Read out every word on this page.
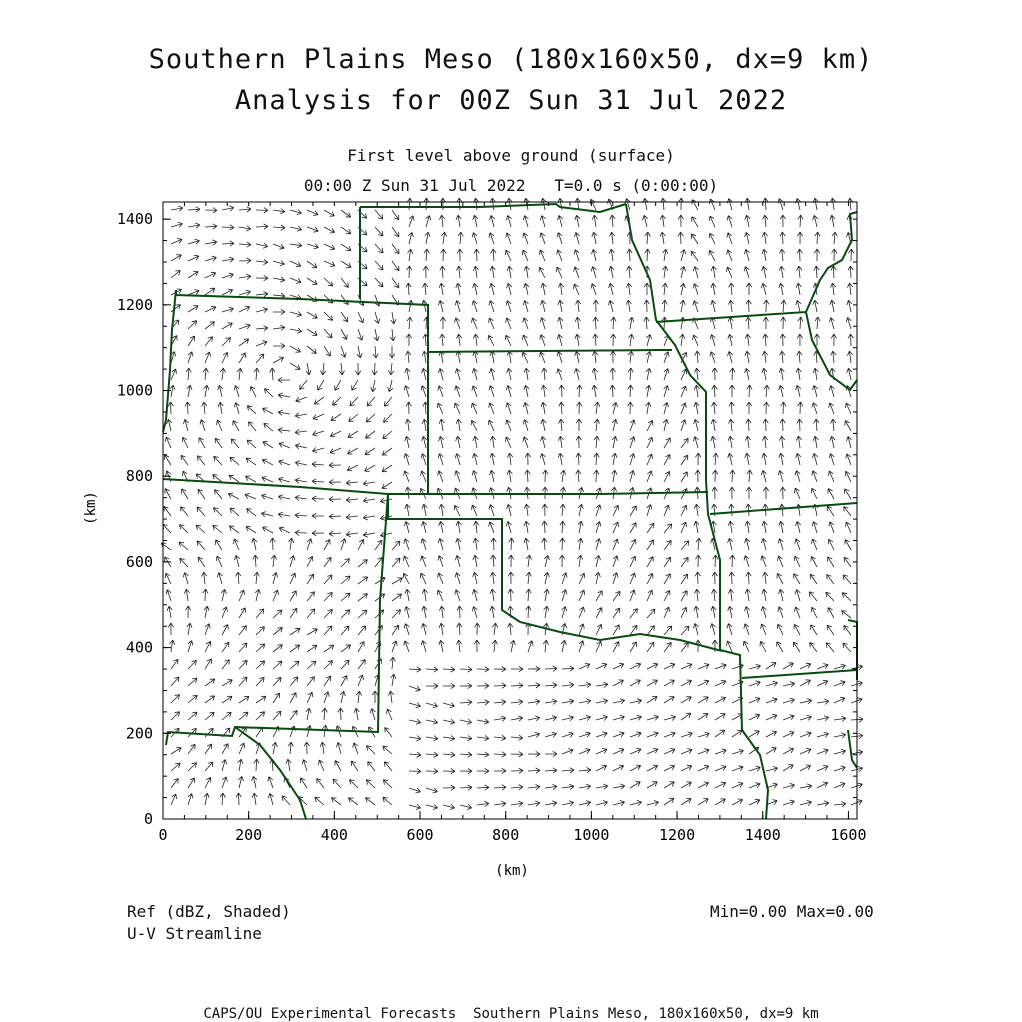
Southern Plains Meso (180x160x50, dx=9 km)
Analysis for 00Z Sun 31 Jul 2022
First level above ground (surface)
00:00 Z Sun 31 Jul 2022   T=0.0 s (0:00:00)
0	200	400	600	800	1000	1200	1400	1600
0
200
400
600
800
1000
1200
1400
(km)
(km)
Ref (dBZ, Shaded)
U-V Streamline
Min=0.00 Max=0.00
CAPS/OU Experimental Forecasts  Southern Plains Meso, 180x160x50, dx=9 km
